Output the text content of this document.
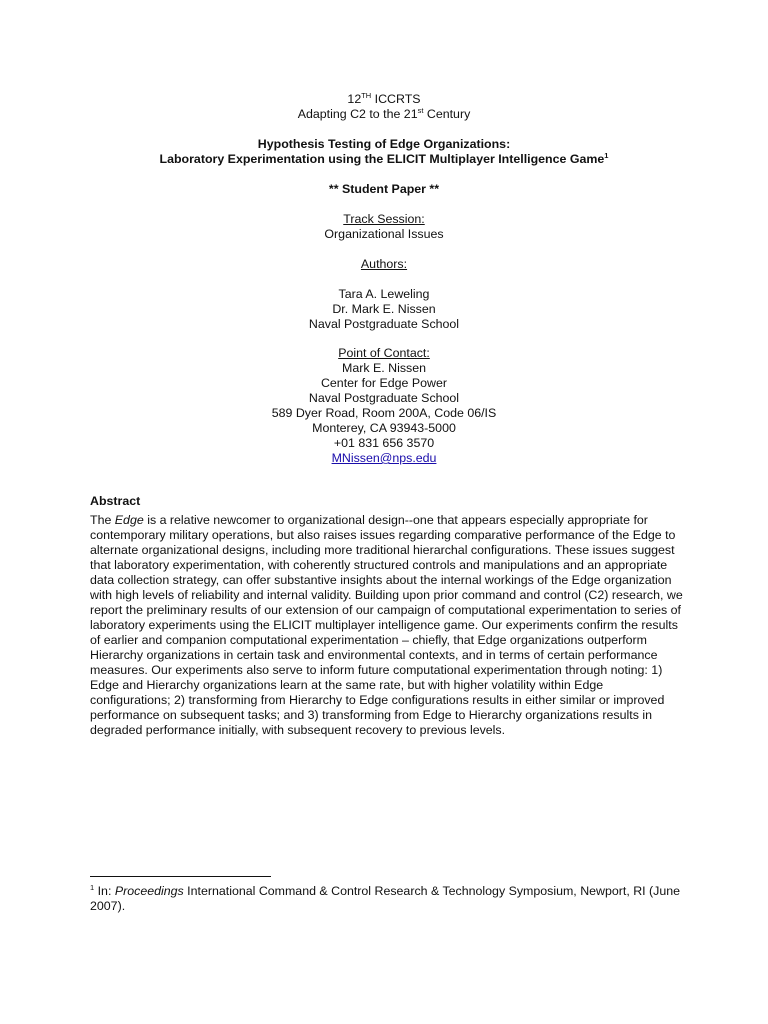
12TH ICCRTS
Adapting C2 to the 21st Century
Hypothesis Testing of Edge Organizations:
Laboratory Experimentation using the ELICIT Multiplayer Intelligence Game$^1$
** Student Paper **
Track Session:
Organizational Issues
Authors:
Tara A. Leweling
Dr. Mark E. Nissen
Naval Postgraduate School
Point of Contact:
Mark E. Nissen
Center for Edge Power
Naval Postgraduate School
589 Dyer Road, Room 200A, Code 06/IS
Monterey, CA 93943-5000
+01 831 656 3570
MNissen@nps.edu
Abstract
The Edge is a relative newcomer to organizational design--one that appears especially appropriate for contemporary military operations, but also raises issues regarding comparative performance of the Edge to alternate organizational designs, including more traditional hierarchal configurations. These issues suggest that laboratory experimentation, with coherently structured controls and manipulations and an appropriate data collection strategy, can offer substantive insights about the internal workings of the Edge organization with high levels of reliability and internal validity. Building upon prior command and control (C2) research, we report the preliminary results of our extension of our campaign of computational experimentation to series of laboratory experiments using the ELICIT multiplayer intelligence game. Our experiments confirm the results of earlier and companion computational experimentation – chiefly, that Edge organizations outperform Hierarchy organizations in certain task and environmental contexts, and in terms of certain performance measures. Our experiments also serve to inform future computational experimentation through noting: 1) Edge and Hierarchy organizations learn at the same rate, but with higher volatility within Edge configurations; 2) transforming from Hierarchy to Edge configurations results in either similar or improved performance on subsequent tasks; and 3) transforming from Edge to Hierarchy organizations results in degraded performance initially, with subsequent recovery to previous levels.
$^1$ In: Proceedings International Command & Control Research & Technology Symposium, Newport, RI (June 2007).
